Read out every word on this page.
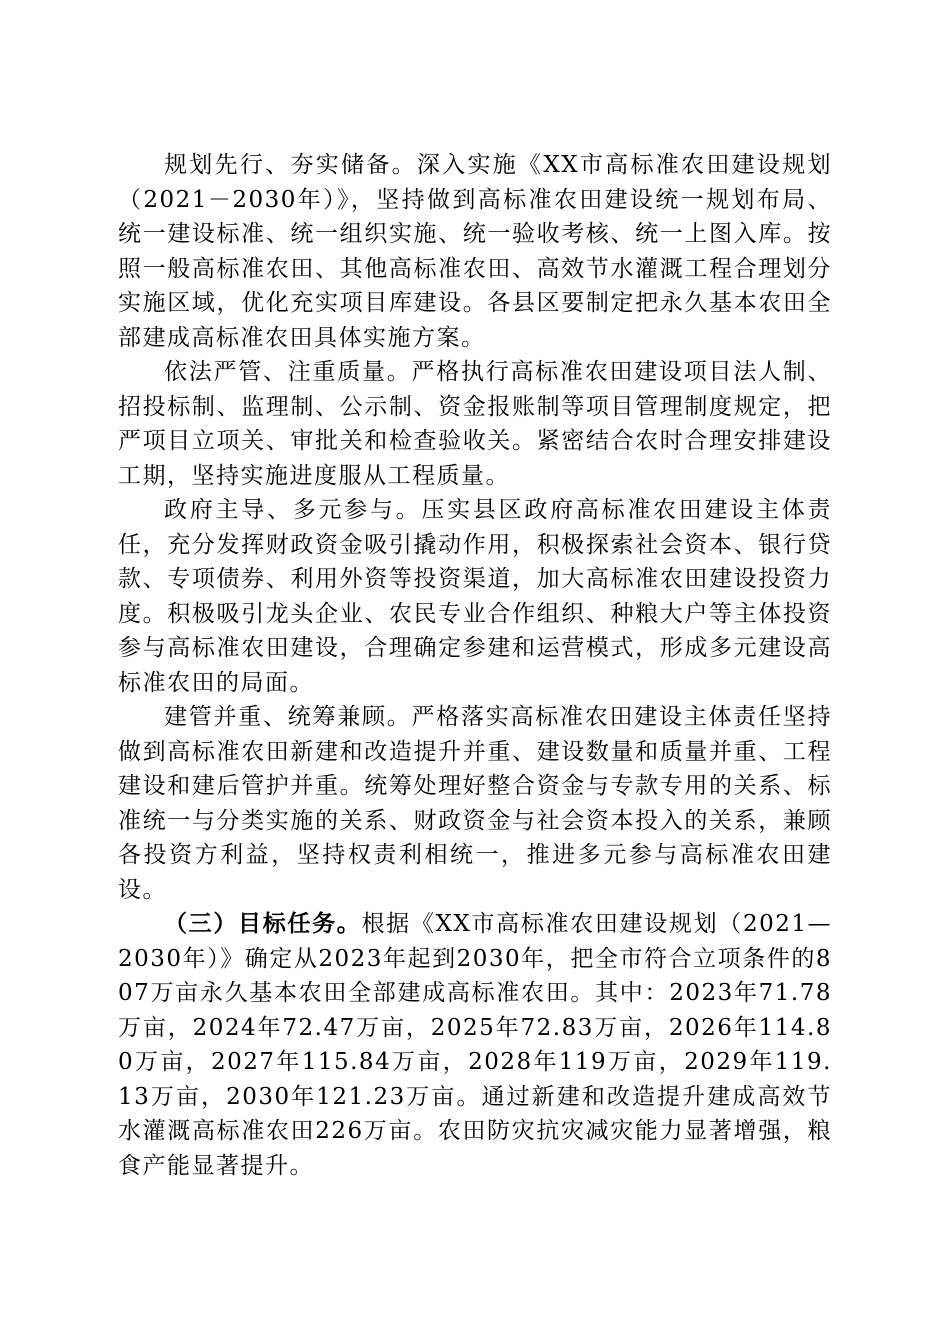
规划先行、夯实储备。深入实施《XX市高标准农田建设规划（2021－2030年）》，坚持做到高标准农田建设统一规划布局、统一建设标准、统一组织实施、统一验收考核、统一上图入库。按照一般高标准农田、其他高标准农田、高效节水灌溉工程合理划分实施区域，优化充实项目库建设。各县区要制定把永久基本农田全部建成高标准农田具体实施方案。

依法严管、注重质量。严格执行高标准农田建设项目法人制、招投标制、监理制、公示制、资金报账制等项目管理制度规定，把严项目立项关、审批关和检查验收关。紧密结合农时合理安排建设工期，坚持实施进度服从工程质量。

政府主导、多元参与。压实县区政府高标准农田建设主体责任，充分发挥财政资金吸引撬动作用，积极探索社会资本、银行贷款、专项债券、利用外资等投资渠道，加大高标准农田建设投资力度。积极吸引龙头企业、农民专业合作组织、种粮大户等主体投资参与高标准农田建设，合理确定参建和运营模式，形成多元建设高标准农田的局面。

建管并重、统筹兼顾。严格落实高标准农田建设主体责任坚持做到高标准农田新建和改造提升并重、建设数量和质量并重、工程建设和建后管护并重。统筹处理好整合资金与专款专用的关系、标准统一与分类实施的关系、财政资金与社会资本投入的关系，兼顾各投资方利益，坚持权责利相统一，推进多元参与高标准农田建设。

（三）目标任务。根据《XX市高标准农田建设规划（2021—2030年）》确定从2023年起到2030年，把全市符合立项条件的807万亩永久基本农田全部建成高标准农田。其中：2023年71.78万亩，2024年72.47万亩，2025年72.83万亩，2026年114.80万亩，2027年115.84万亩，2028年119万亩，2029年119.13万亩，2030年121.23万亩。通过新建和改造提升建成高效节水灌溉高标准农田226万亩。农田防灾抗灾减灾能力显著增强，粮食产能显著提升。
